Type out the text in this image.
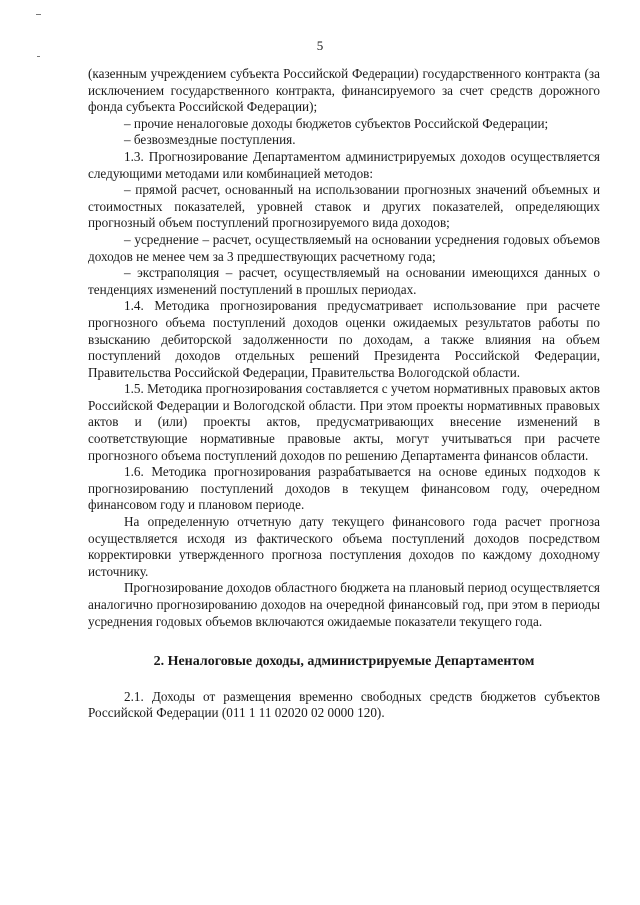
5

(казенным учреждением субъекта Российской Федерации) государственного контракта (за исключением государственного контракта, финансируемого за счет средств дорожного фонда субъекта Российской Федерации);

– прочие неналоговые доходы бюджетов субъектов Российской Федерации;

– безвозмездные поступления.

1.3. Прогнозирование Департаментом администрируемых доходов осуществляется следующими методами или комбинацией методов:

– прямой расчет, основанный на использовании прогнозных значений объемных и стоимостных показателей, уровней ставок и других показателей, определяющих прогнозный объем поступлений прогнозируемого вида доходов;

– усреднение – расчет, осуществляемый на основании усреднения годовых объемов доходов не менее чем за 3 предшествующих расчетному года;

– экстраполяция – расчет, осуществляемый на основании имеющихся данных о тенденциях изменений поступлений в прошлых периодах.

1.4. Методика прогнозирования предусматривает использование при расчете прогнозного объема поступлений доходов оценки ожидаемых результатов работы по взысканию дебиторской задолженности по доходам, а также влияния на объем поступлений доходов отдельных решений Президента Российской Федерации, Правительства Российской Федерации, Правительства Вологодской области.

1.5. Методика прогнозирования составляется с учетом нормативных правовых актов Российской Федерации и Вологодской области. При этом проекты нормативных правовых актов и (или) проекты актов, предусматривающих внесение изменений в соответствующие нормативные правовые акты, могут учитываться при расчете прогнозного объема поступлений доходов по решению Департамента финансов области.

1.6. Методика прогнозирования разрабатывается на основе единых подходов к прогнозированию поступлений доходов в текущем финансовом году, очередном финансовом году и плановом периоде.

На определенную отчетную дату текущего финансового года расчет прогноза осуществляется исходя из фактического объема поступлений доходов посредством корректировки утвержденного прогноза поступления доходов по каждому доходному источнику.

Прогнозирование доходов областного бюджета на плановый период осуществляется аналогично прогнозированию доходов на очередной финансовый год, при этом в периоды усреднения годовых объемов включаются ожидаемые показатели текущего года.

2. Неналоговые доходы, администрируемые Департаментом

2.1. Доходы от размещения временно свободных средств бюджетов субъектов Российской Федерации (011 1 11 02020 02 0000 120).
